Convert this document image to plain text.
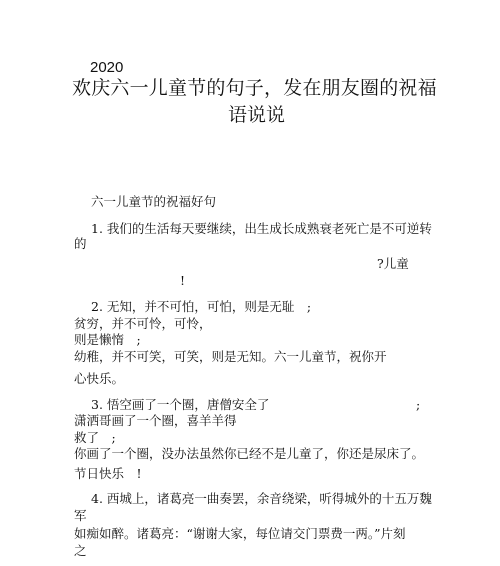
2020
欢庆六一儿童节的句子，发在朋友圈的祝福
语说说
六一儿童节的祝福好句
1. 我们的生活每天要继续，出生成长成熟衰老死亡是不可逆转
的
?儿童
!
2. 无知，并不可怕，可怕，则是无耻　;
贫穷，并不可怜，可怜，
则是懒惰　;
幼稚，并不可笑，可笑，则是无知。六一儿童节，祝你开
心快乐。
3. 悟空画了一个圈，唐僧安全了	;
潇洒哥画了一个圈，喜羊羊得
救了　;
你画了一个圈，没办法虽然你已经不是儿童了，你还是尿床了。
节日快乐　!
4. 西城上，诸葛亮一曲奏罢，余音绕梁，听得城外的十五万魏
军
如痴如醉。诸葛亮：“谢谢大家，每位请交门票费一两。”片刻
之
